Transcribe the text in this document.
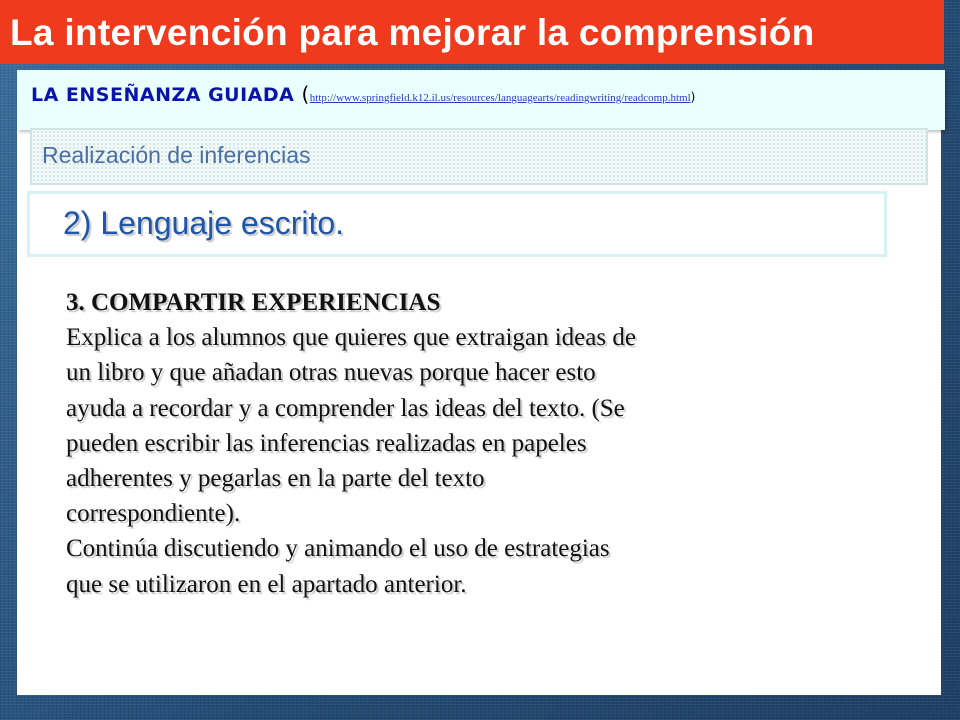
La intervención para mejorar la comprensión
LA ENSEÑANZA GUIADA (http://www.springfield.k12.il.us/resources/languagearts/readingwriting/readcomp.html)
Realización de inferencias
2) Lenguaje escrito.
3. COMPARTIR EXPERIENCIAS
Explica a los alumnos que quieres que extraigan ideas de
un libro y que añadan otras nuevas porque hacer esto
ayuda a recordar y a comprender las ideas del texto. (Se
pueden escribir las inferencias realizadas en papeles
adherentes y pegarlas en la parte del texto
correspondiente).
Continúa discutiendo y animando el uso de estrategias
que se utilizaron en el apartado anterior.
